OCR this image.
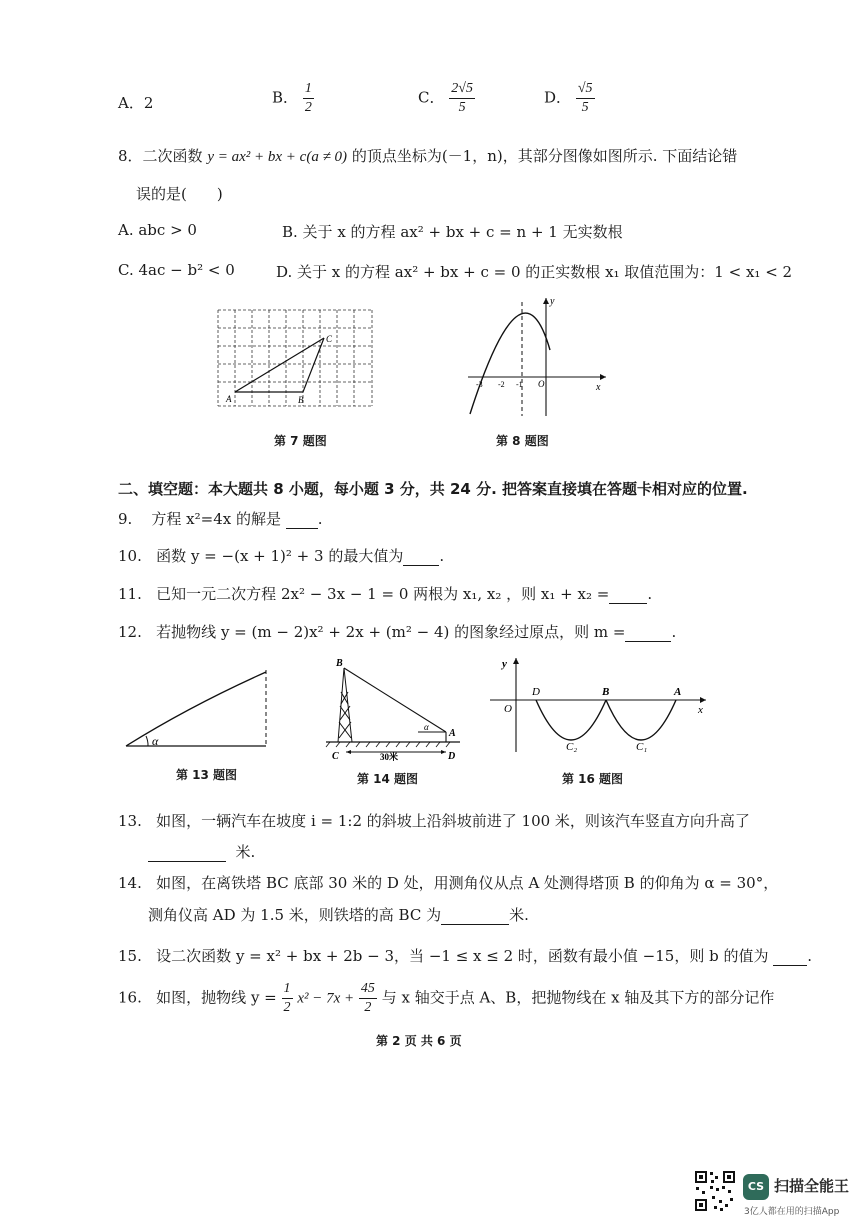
A．2	B． $\frac{1}{2}$	C． $\frac{2√5}{5}$	D． $\frac{√5}{5}$
8．二次函数 y = ax² + bx + c(a ≠ 0) 的顶点坐标为(－1，n)，其部分图像如图所示. 下面结论错
误的是(　　)
A. abc > 0	B. 关于 x 的方程 ax² + bx + c = n + 1 无实数根
C. 4ac − b² < 0	D. 关于 x 的方程 ax² + bx + c = 0 的正实数根 x₁ 取值范围为：1 < x₁ < 2
A	B
C
第 7 题图
y
x
O
-3 -2 -1
第 8 题图
二、填空题：本大题共 8 小题，每小题 3 分，共 24 分. 把答案直接填在答题卡相对应的位置.
9. 方程 x²=4x 的解是 .
10. 函数 y = −(x + 1)² + 3 的最大值为 .
11. 已知一元二次方程 2x² − 3x − 1 = 0 两根为 x₁, x₂ ，则 x₁ + x₂ =	.
12. 若抛物线 y = (m − 2)x² + 2x + (m² − 4) 的图象经过原点，则 m =	.
α
第 13 题图
B
C	D
A
α
30米
第 14 题图
y
x
O
D	B	A
C₂	C₁
第 16 题图
13. 如图，一辆汽车在坡度 i = 1:2 的斜坡上沿斜坡前进了 100 米，则该汽车竖直方向升高了
米.
14. 如图，在离铁塔 BC 底部 30 米的 D 处，用测角仪从点 A 处测得塔顶 B 的仰角为 α = 30°，
测角仪高 AD 为 1.5 米，则铁塔的高 BC 为	米.
15. 设二次函数 y = x² + bx + 2b − 3，当 −1 ≤ x ≤ 2 时，函数有最小值 −15，则 b 的值为	.
16. 如图，抛物线 $y = \frac{1}{2} x^2 - 7x + \frac{45}{2}$ 与 x 轴交于点 A、B，把抛物线在 x 轴及其下方的部分记作
第 2 页 共 6 页
CS 扫描全能王
3亿人都在用的扫描App
